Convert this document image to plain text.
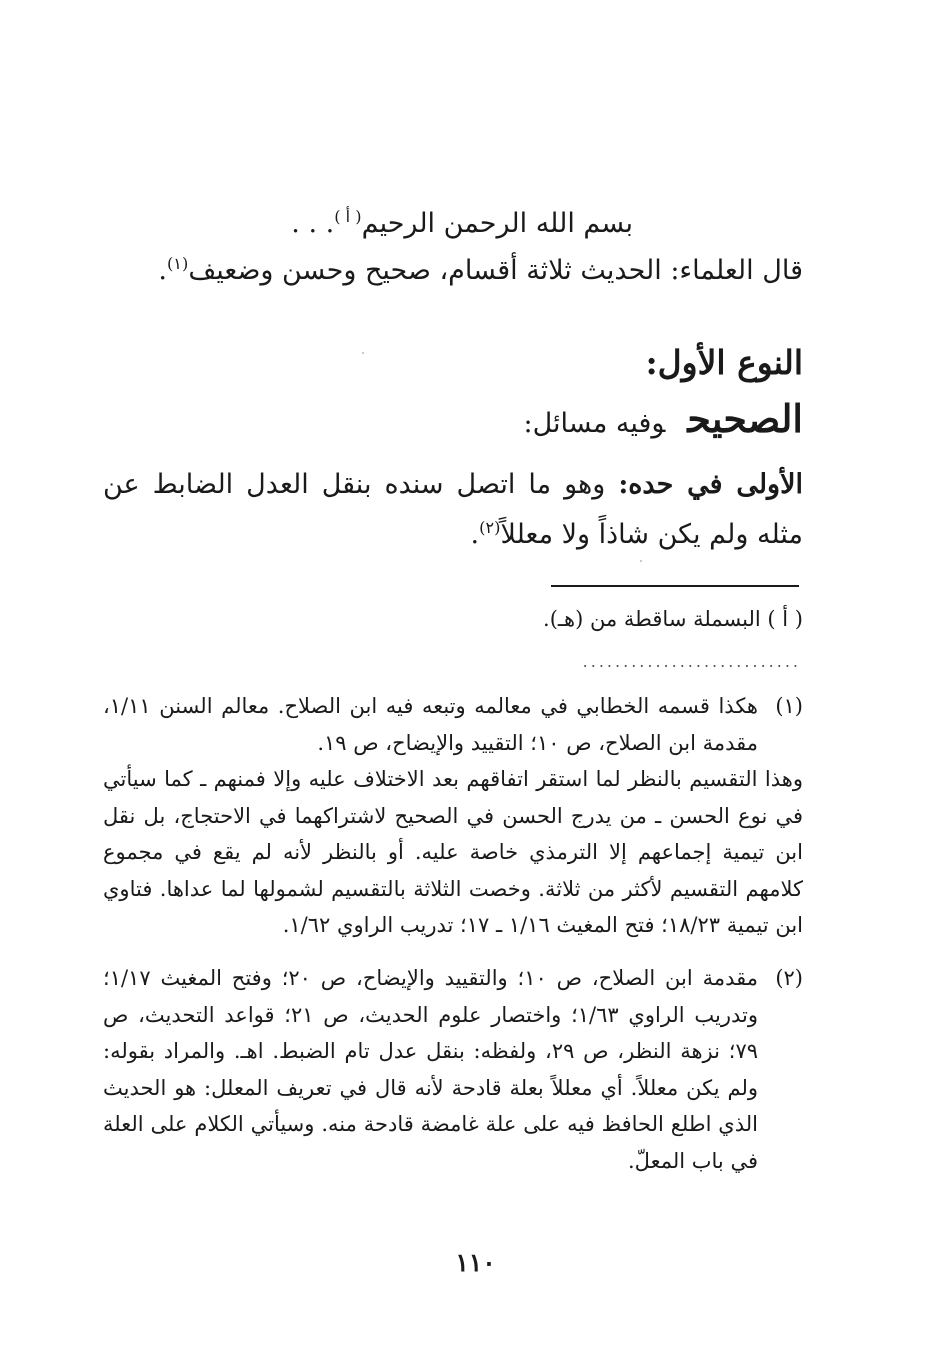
بسم الله الرحمن الرحيم$^{( أ )}$. . .
قال العلماء: الحديث ثلاثة أقسام، صحيح وحسن وضعيف$^{(١)}$.
النوع الأول:
الصحيحوفيه مسائل:
الأولى في حده: وهو ما اتصل سنده بنقل العدل الضابط عن مثله ولم يكن شاذاً ولا معللاً$^{(٢)}$.
( أ ) البسملة ساقطة من (هـ).
...........................
(١)

هكذا قسمه الخطابي في معالمه وتبعه فيه ابن الصلاح. معالم السنن ١/١١، مقدمة ابن الصلاح، ص ١٠؛ التقييد والإيضاح، ص ١٩.

وهذا التقسيم بالنظر لما استقر اتفاقهم بعد الاختلاف عليه وإلا فمنهم ـ كما سيأتي في نوع الحسن ـ من يدرج الحسن في الصحيح لاشتراكهما في الاحتجاج، بل نقل ابن تيمية إجماعهم إلا الترمذي خاصة عليه. أو بالنظر لأنه لم يقع في مجموع كلامهم التقسيم لأكثر من ثلاثة. وخصت الثلاثة بالتقسيم لشمولها لما عداها. فتاوي ابن تيمية ١٨/٢٣؛ فتح المغيث ١/١٦ ـ ١٧؛ تدريب الراوي ١/٦٢.

(٢)

مقدمة ابن الصلاح، ص ١٠؛ والتقييد والإيضاح، ص ٢٠؛ وفتح المغيث ١/١٧؛ وتدريب الراوي ١/٦٣؛ واختصار علوم الحديث، ص ٢١؛ قواعد التحديث، ص ٧٩؛ نزهة النظر، ص ٢٩، ولفظه: بنقل عدل تام الضبط. اهـ. والمراد بقوله: ولم يكن معللاً. أي معللاً بعلة قادحة لأنه قال في تعريف المعلل: هو الحديث الذي اطلع الحافظ فيه على علة غامضة قادحة منه. وسيأتي الكلام على العلة في باب المعلّ.

١١٠
